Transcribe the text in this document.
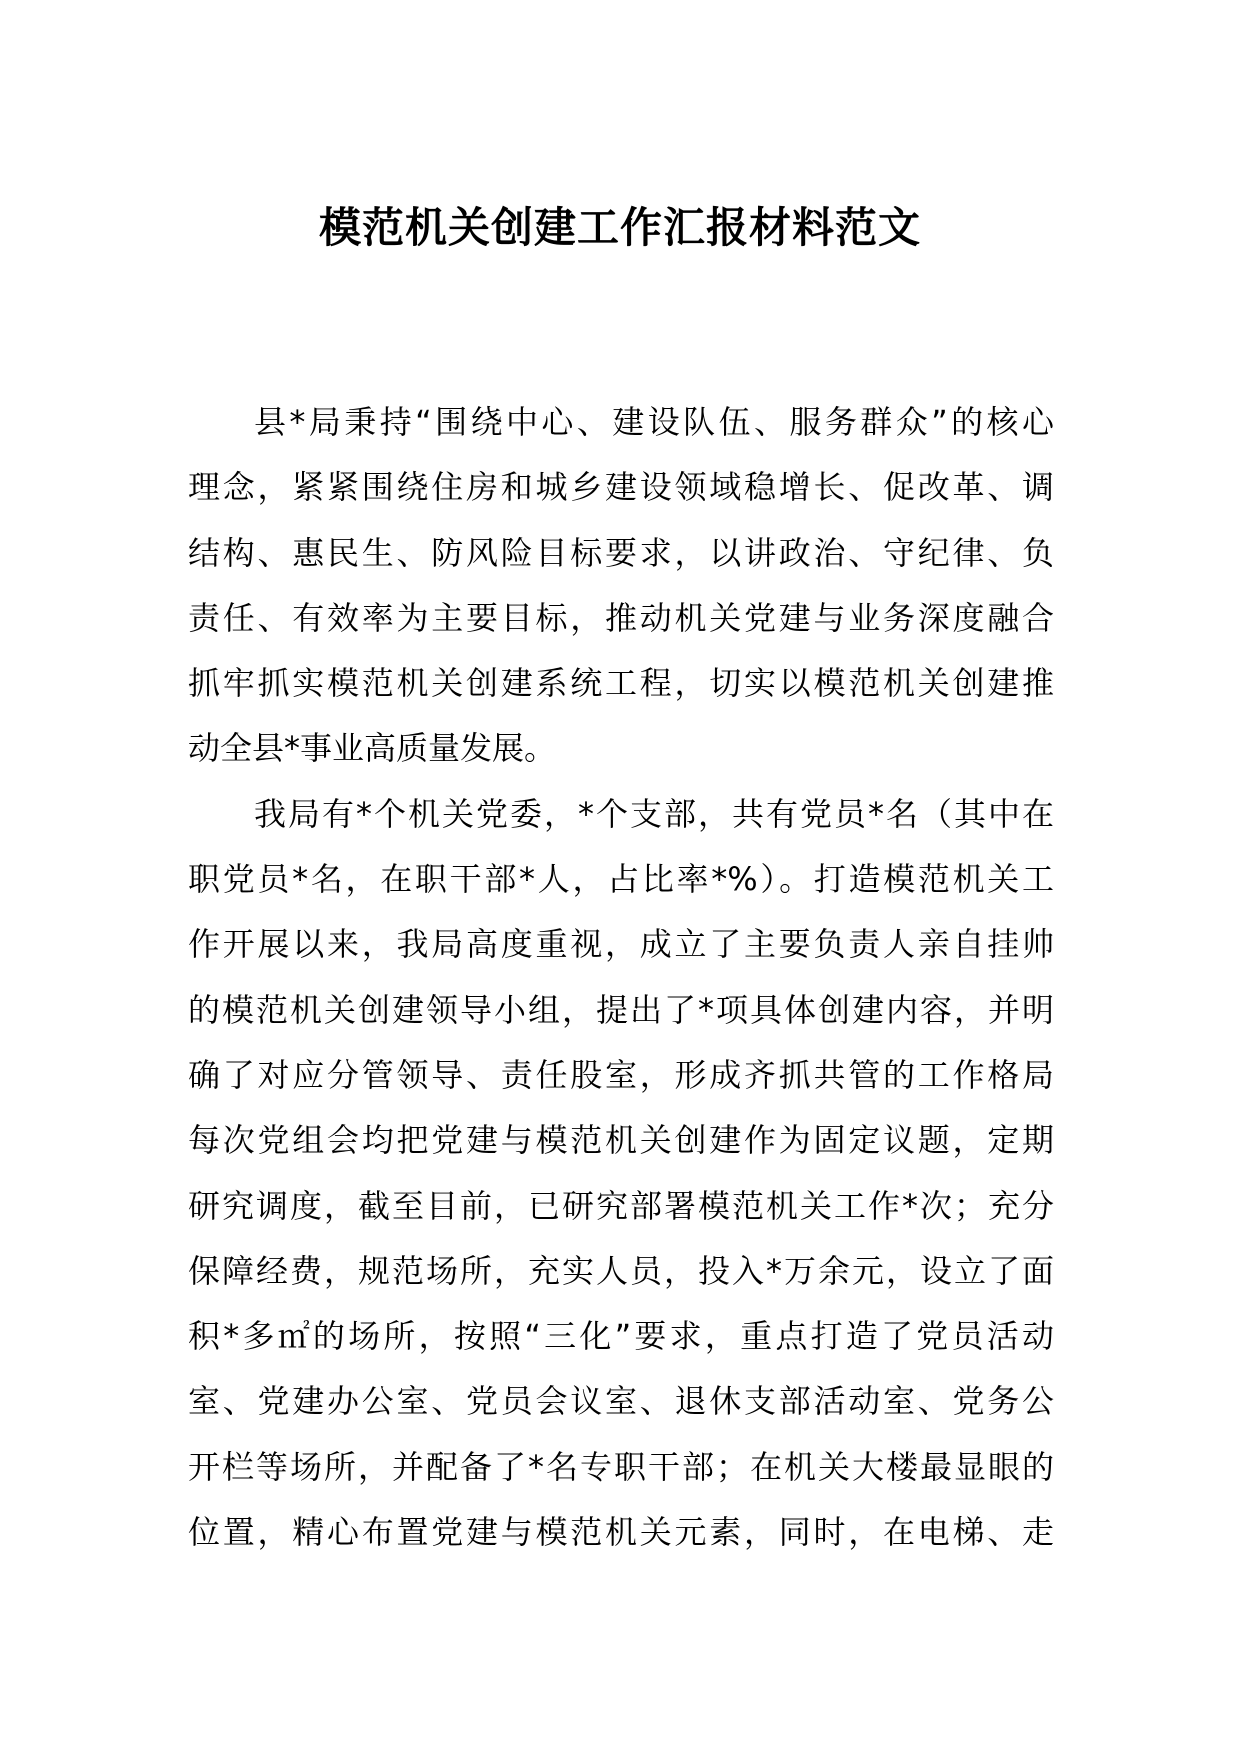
模范机关创建工作汇报材料范文
县*局秉持“围绕中心、建设队伍、服务群众”的核心
理念，紧紧围绕住房和城乡建设领域稳增长、促改革、调
结构、惠民生、防风险目标要求，以讲政治、守纪律、负
责任、有效率为主要目标，推动机关党建与业务深度融合
抓牢抓实模范机关创建系统工程，切实以模范机关创建推
动全县*事业高质量发展。
我局有*个机关党委，*个支部，共有党员*名（其中在
职党员*名，在职干部*人，占比率*%）。打造模范机关工
作开展以来，我局高度重视，成立了主要负责人亲自挂帅
的模范机关创建领导小组，提出了*项具体创建内容，并明
确了对应分管领导、责任股室，形成齐抓共管的工作格局
每次党组会均把党建与模范机关创建作为固定议题，定期
研究调度，截至目前，已研究部署模范机关工作*次；充分
保障经费，规范场所，充实人员，投入*万余元，设立了面
积*多㎡的场所，按照“三化”要求，重点打造了党员活动
室、党建办公室、党员会议室、退休支部活动室、党务公
开栏等场所，并配备了*名专职干部；在机关大楼最显眼的
位置，精心布置党建与模范机关元素，同时，在电梯、走
